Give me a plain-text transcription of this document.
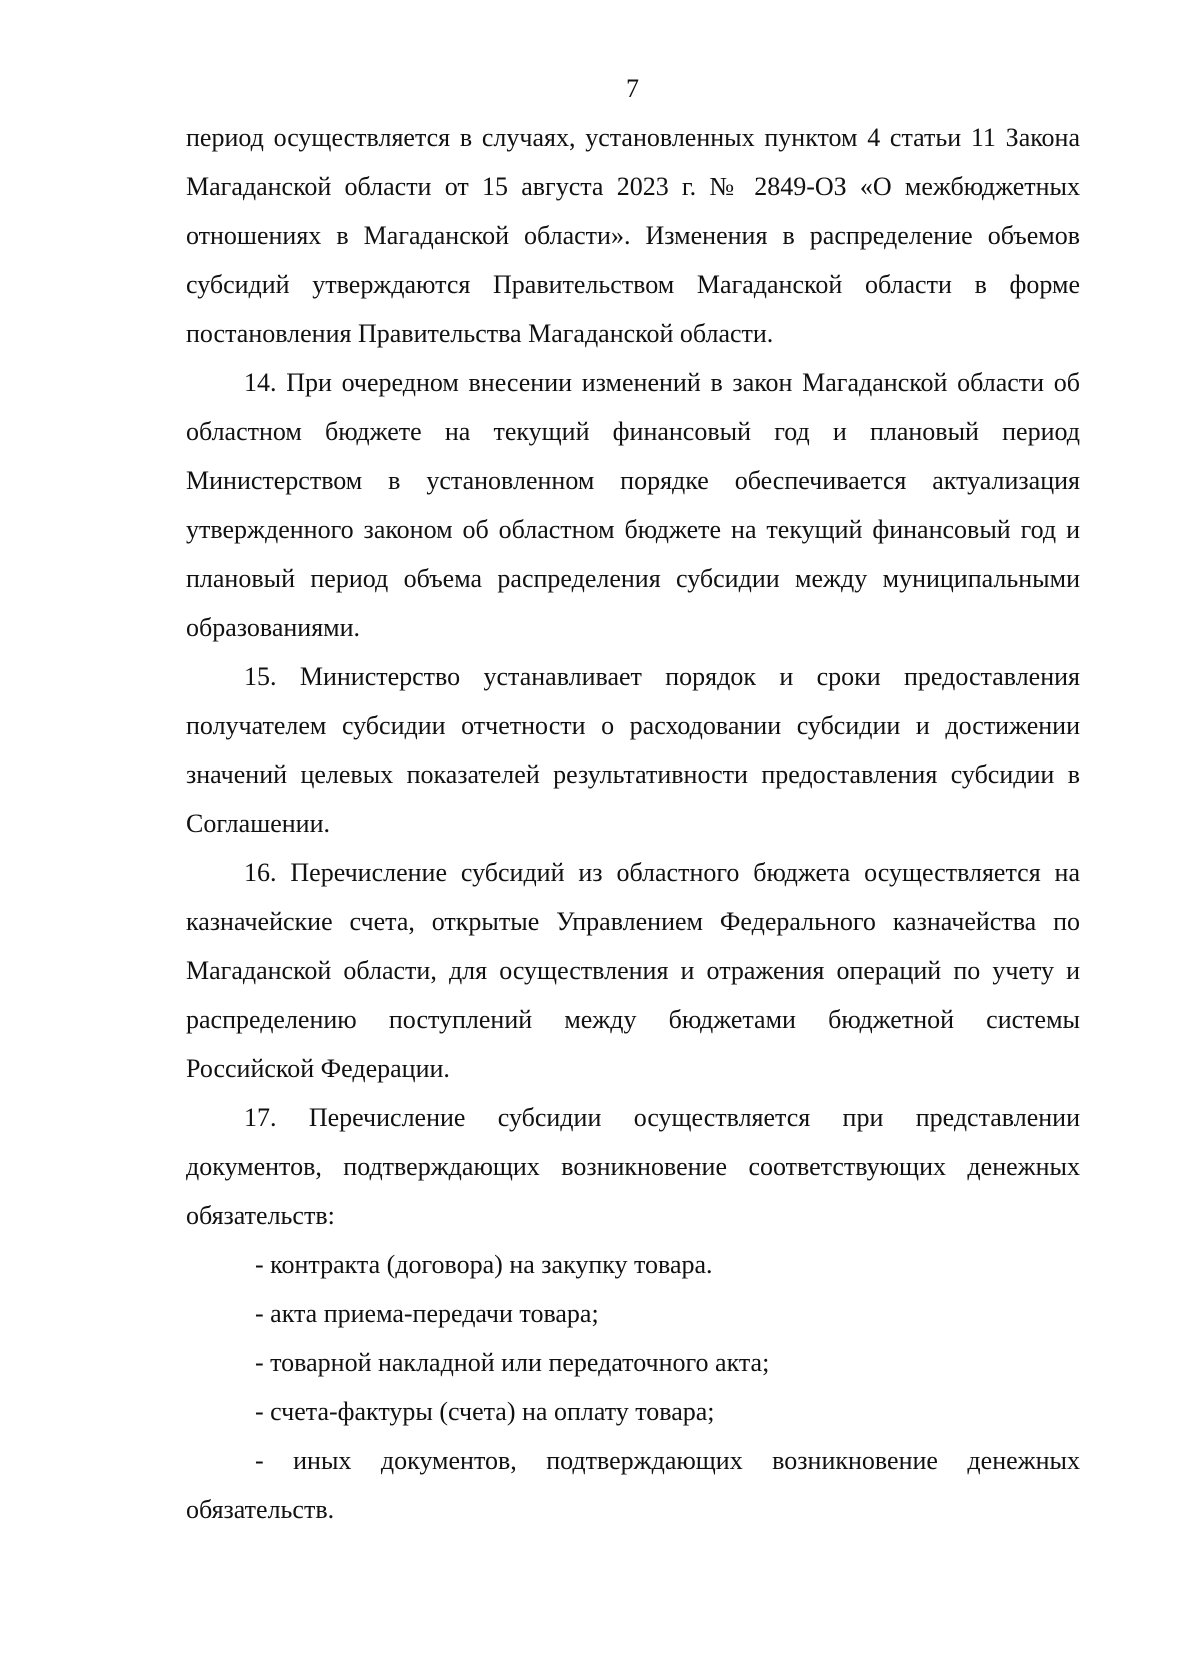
7

период осуществляется в случаях, установленных пунктом 4 статьи 11 Закона Магаданской области от 15 августа 2023 г. № 2849-ОЗ «О межбюджетных отношениях в Магаданской области». Изменения в распределение объемов субсидий утверждаются Правительством Магаданской области в форме постановления Правительства Магаданской области.

14. При очередном внесении изменений в закон Магаданской области об областном бюджете на текущий финансовый год и плановый период Министерством в установленном порядке обеспечивается актуализация утвержденного законом об областном бюджете на текущий финансовый год и плановый период объема распределения субсидии между муниципальными образованиями.

15. Министерство устанавливает порядок и сроки предоставления получателем субсидии отчетности о расходовании субсидии и достижении значений целевых показателей результативности предоставления субсидии в Соглашении.

16. Перечисление субсидий из областного бюджета осуществляется на казначейские счета, открытые Управлением Федерального казначейства по Магаданской области, для осуществления и отражения операций по учету и распределению поступлений между бюджетами бюджетной системы Российской Федерации.

17. Перечисление субсидии осуществляется при представлении документов, подтверждающих возникновение соответствующих денежных обязательств:

- контракта (договора) на закупку товара.

- акта приема-передачи товара;

- товарной накладной или передаточного акта;

- счета-фактуры (счета) на оплату товара;

- иных документов, подтверждающих возникновение денежных обязательств.
